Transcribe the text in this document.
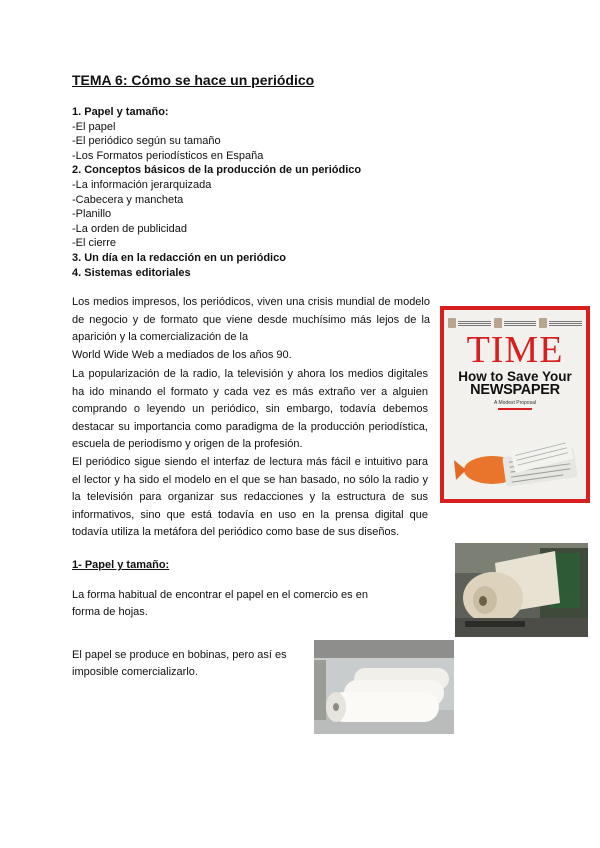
TEMA 6: Cómo se hace un periódico
1. Papel y tamaño:
-El papel
-El periódico según su tamaño
-Los Formatos periodísticos en España
2. Conceptos básicos de la producción de un periódico
-La información jerarquizada
-Cabecera y mancheta
-Planillo
-La orden de publicidad
-El cierre
3. Un día en la redacción en un periódico
4. Sistemas editoriales
Los medios impresos, los periódicos, viven una crisis mundial de modelo de negocio y de formato que viene desde muchísimo más lejos de la aparición y la comercialización de la
World Wide Web a mediados de los años 90.
La popularización de la radio, la televisión y ahora los medios digitales ha ido minando el formato y cada vez es más extraño ver a alguien comprando o leyendo un periódico, sin embargo, todavía debemos destacar su importancia como paradigma de la producción periodística, escuela de periodismo y origen de la profesión.
El periódico sigue siendo el interfaz de lectura más fácil e intuitivo para el lector y ha sido el modelo en el que se han basado, no sólo la radio y la televisión para organizar sus redacciones y la estructura de sus informativos, sino que está todavía en uso en la prensa digital que todavía utiliza la metáfora del periódico como base de sus diseños.
TIME
How to Save Your
NEWSPAPER
A Modest Proposal
1- Papel y tamaño:
La forma habitual de encontrar el papel en el comercio es en forma de hojas.
El papel se produce en bobinas, pero así es imposible comercializarlo.
